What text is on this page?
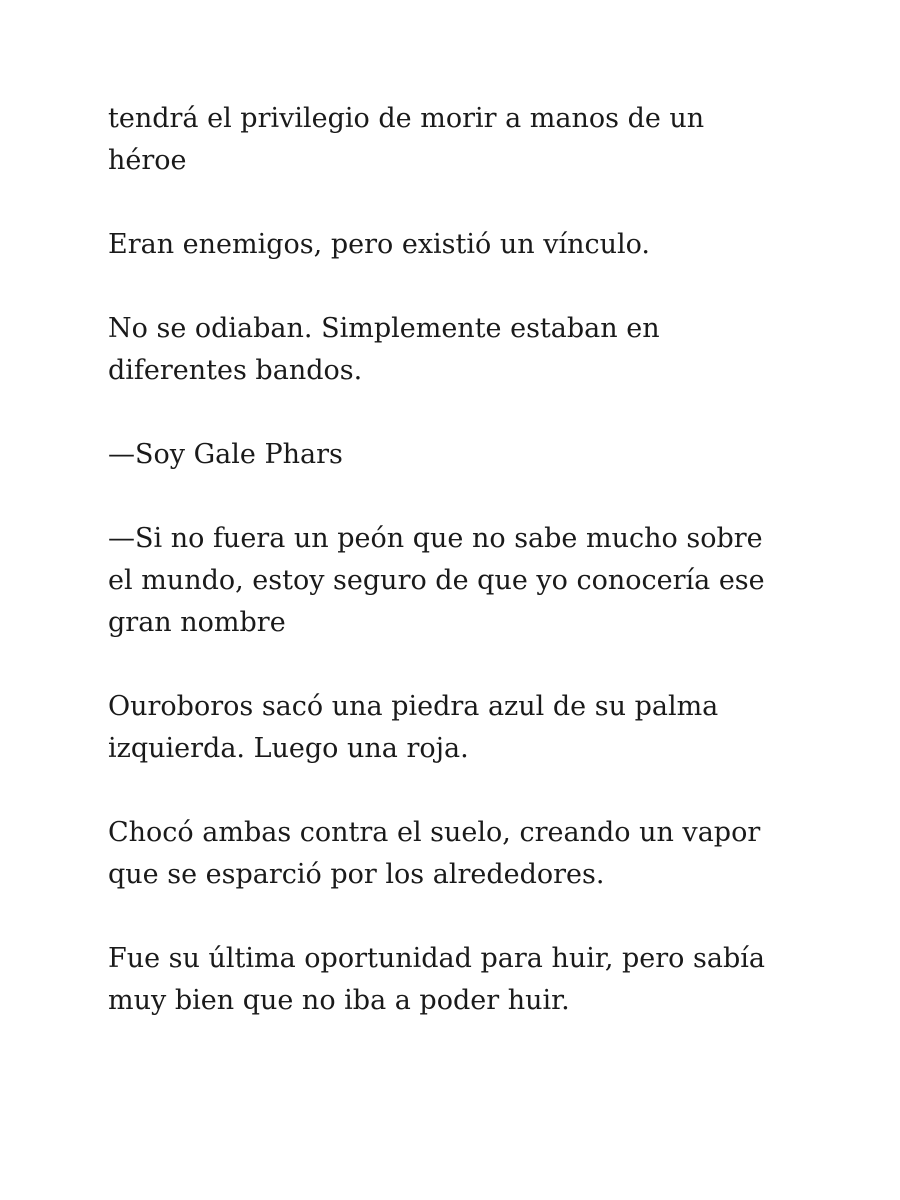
tendrá el privilegio de morir a manos de un
héroe

Eran enemigos, pero existió un vínculo.

No se odiaban. Simplemente estaban en
diferentes bandos.

—Soy Gale Phars

—Si no fuera un peón que no sabe mucho sobre
el mundo, estoy seguro de que yo conocería ese
gran nombre

Ouroboros sacó una piedra azul de su palma
izquierda. Luego una roja.

Chocó ambas contra el suelo, creando un vapor
que se esparció por los alrededores.

Fue su última oportunidad para huir, pero sabía
muy bien que no iba a poder huir.
